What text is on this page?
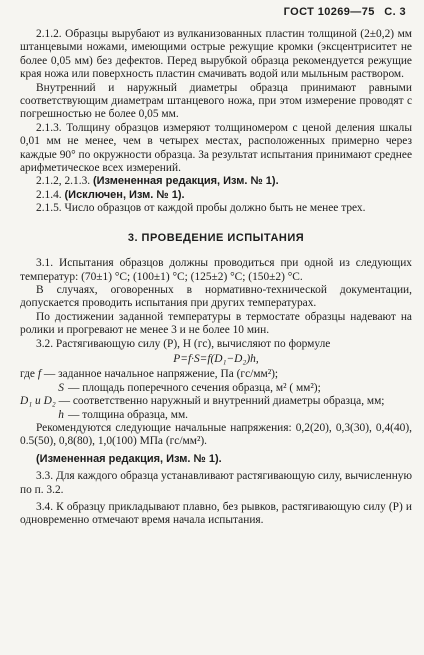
ГОСТ 10269—75 С. 3

2.1.2. Образцы вырубают из вулканизованных пластин толщиной (2±0,2) мм штанцевыми ножами, имеющими острые режущие кромки (эксцентриситет не более 0,05 мм) без дефектов. Перед вырубкой образца рекомендуется режущие края ножа или поверхность пластин смачивать водой или мыльным раствором.

Внутренний и наружный диаметры образца принимают равными соответствующим диаметрам штанцевого ножа, при этом измерение проводят с погрешностью не более 0,05 мм.

2.1.3. Толщину образцов измеряют толщиномером с ценой деления шкалы 0,01 мм не менее, чем в четырех местах, расположенных примерно через каждые 90° по окружности образца. За результат испытания принимают среднее арифметическое всех измерений.

2.1.2, 2.1.3. (Измененная редакция, Изм. № 1).

2.1.4. (Исключен, Изм. № 1).

2.1.5. Число образцов от каждой пробы должно быть не менее трех.

3. ПРОВЕДЕНИЕ ИСПЫТАНИЯ

3.1. Испытания образцов должны проводиться при одной из следующих температур: (70±1) °С; (100±1) °С; (125±2) °С; (150±2) °С.

В случаях, оговоренных в нормативно-технической документации, допускается проводить испытания при других температурах.

По достижении заданной температуры в термостате образцы надевают на ролики и прогревают не менее 3 и не более 10 мин.

3.2. Растягивающую силу (P), Н (гс), вычисляют по формуле

P=f·S=f(D₁−D₂)h,

где f — заданное начальное напряжение, Па (гс/мм²);

S — площадь поперечного сечения образца, м² ( мм²);

D₁ и D₂ — соответственно наружный и внутренний диаметры образца, мм;

h — толщина образца, мм.

Рекомендуются следующие начальные напряжения: 0,2(20), 0,3(30), 0,4(40), 0.5(50), 0,8(80), 1,0(100) МПа (гс/мм²).

(Измененная редакция, Изм. № 1).

3.3. Для каждого образца устанавливают растягивающую силу, вычисленную по п. 3.2.

3.4. К образцу прикладывают плавно, без рывков, растягивающую силу (P) и одновременно отмечают время начала испытания.
